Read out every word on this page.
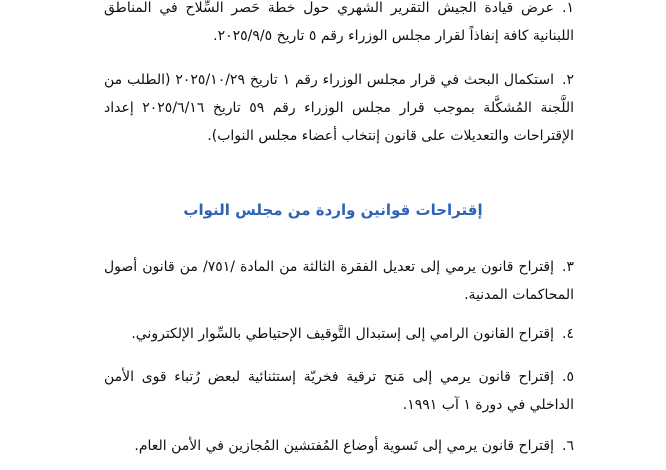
١.عرض قيادة الجيش التقرير الشهري حول خطة حَصر السِّلاح في المناطق اللبنانية كافة إنفاذاً لقرار مجلس الوزراء رقم ٥ تاريخ ٢٠٢٥/٩/٥.
٢.استكمال البحث في قرار مجلس الوزراء رقم ١ تاريخ ٢٠٢٥/١٠/٢٩ (الطلب من اللَّجنة المُشكَّلة بموجب قرار مجلس الوزراء رقم ٥٩ تاريخ ٢٠٢٥/٦/١٦ إعداد الإقتراحات والتعديلات على قانون إنتخاب أعضاء مجلس النواب).
إقتراحات قوانين واردة من مجلس النواب
٣.إقتراح قانون يرمي إلى تعديل الفقرة الثالثة من المادة /٧٥١/ من قانون أصول المحاكمات المدنية.
٤.إقتراح القانون الرامي إلى إستبدال التَّوقيف الإحتياطي بالسِّوار الإلكتروني.
٥.إقتراح قانون يرمي إلى مَنح ترقية فخريّة إستثنائية لبعض رُتباء قوى الأمن الداخلي في دورة ١ آب ١٩٩١.
٦.إقتراح قانون يرمي إلى تَسوية أوضاع المُفتشين المُجازين في الأمن العام.
